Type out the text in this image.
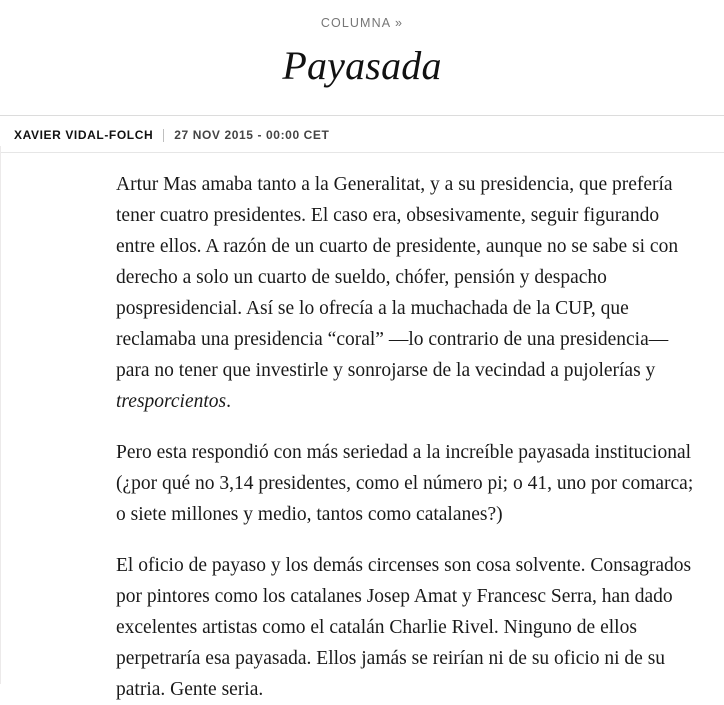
COLUMNA »
Payasada
XAVIER VIDAL-FOLCH 27 NOV 2015 - 00:00 CET

Artur Mas amaba tanto a la Generalitat, y a su presidencia, que prefería tener cuatro presidentes. El caso era, obsesivamente, seguir figurando entre ellos. A razón de un cuarto de presidente, aunque no se sabe si con derecho a solo un cuarto de sueldo, chófer, pensión y despacho pospresidencial. Así se lo ofrecía a la muchachada de la CUP, que reclamaba una presidencia “coral” —lo contrario de una presidencia— para no tener que investirle y sonrojarse de la vecindad a pujolerías y tresporcientos.

Pero esta respondió con más seriedad a la increíble payasada institucional (¿por qué no 3,14 presidentes, como el número pi; o 41, uno por comarca; o siete millones y medio, tantos como catalanes?)

El oficio de payaso y los demás circenses son cosa solvente. Consagrados por pintores como los catalanes Josep Amat y Francesc Serra, han dado excelentes artistas como el catalán Charlie Rivel. Ninguno de ellos perpetraría esa payasada. Ellos jamás se reirían ni de su oficio ni de su patria. Gente seria.
